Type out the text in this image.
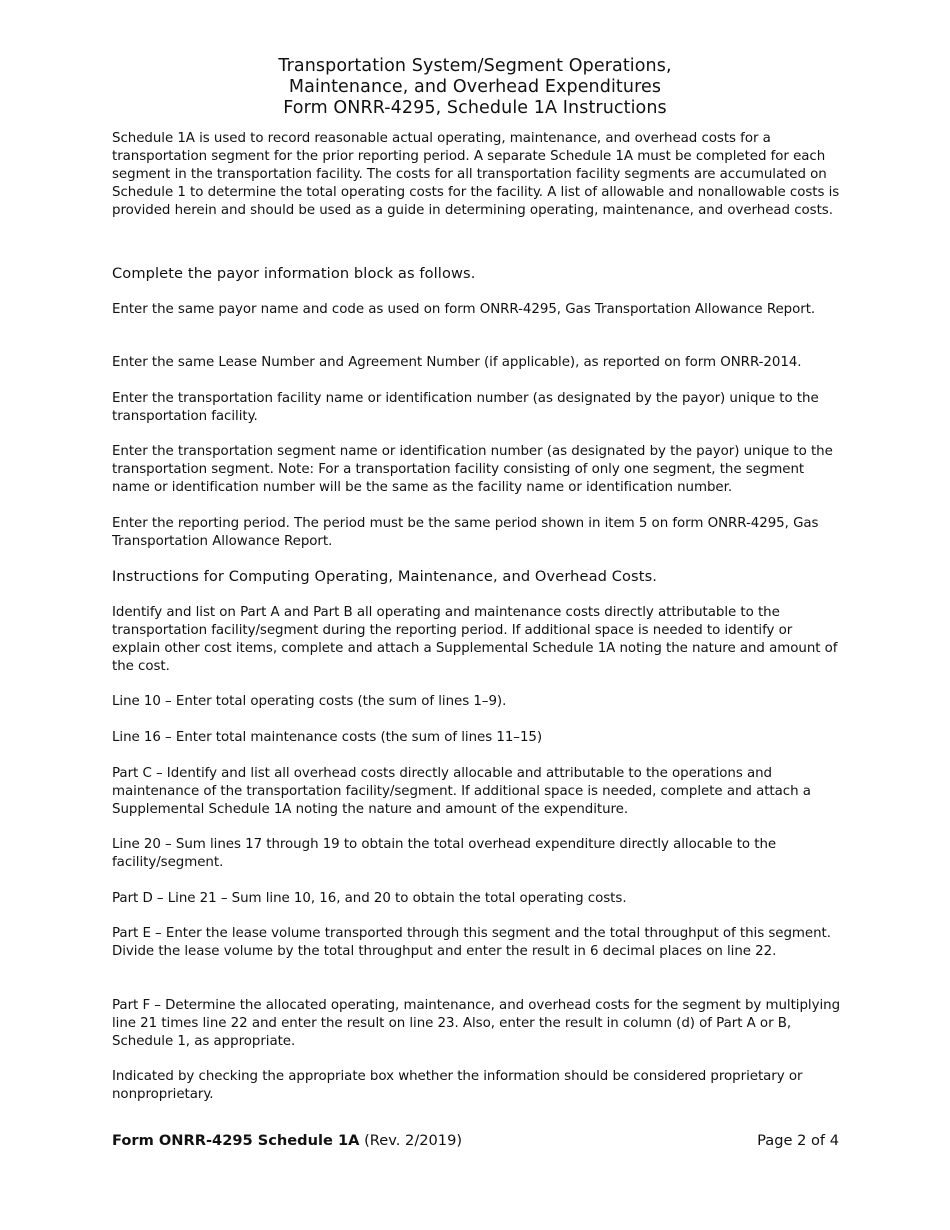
Transportation System/Segment Operations,
Maintenance, and Overhead Expenditures
Form ONRR-4295, Schedule 1A Instructions

Schedule 1A is used to record reasonable actual operating, maintenance, and overhead costs for a transportation segment for the prior reporting period. A separate Schedule 1A must be completed for each segment in the transportation facility. The costs for all transportation facility segments are accumulated on Schedule 1 to determine the total operating costs for the facility. A list of allowable and nonallowable costs is provided herein and should be used as a guide in determining operating, maintenance, and overhead costs.

Complete the payor information block as follows.

Enter the same payor name and code as used on form ONRR-4295, Gas Transportation Allowance Report.

Enter the same Lease Number and Agreement Number (if applicable), as reported on form ONRR-2014.

Enter the transportation facility name or identification number (as designated by the payor) unique to the transportation facility.

Enter the transportation segment name or identification number (as designated by the payor) unique to the transportation segment. Note: For a transportation facility consisting of only one segment, the segment name or identification number will be the same as the facility name or identification number.

Enter the reporting period. The period must be the same period shown in item 5 on form ONRR-4295, Gas Transportation Allowance Report.

Instructions for Computing Operating, Maintenance, and Overhead Costs.

Identify and list on Part A and Part B all operating and maintenance costs directly attributable to the transportation facility/segment during the reporting period. If additional space is needed to identify or explain other cost items, complete and attach a Supplemental Schedule 1A noting the nature and amount of the cost.

Line 10 – Enter total operating costs (the sum of lines 1–9).

Line 16 – Enter total maintenance costs (the sum of lines 11–15)

Part C – Identify and list all overhead costs directly allocable and attributable to the operations and maintenance of the transportation facility/segment. If additional space is needed, complete and attach a Supplemental Schedule 1A noting the nature and amount of the expenditure.

Line 20 – Sum lines 17 through 19 to obtain the total overhead expenditure directly allocable to the facility/segment.

Part D – Line 21 – Sum line 10, 16, and 20 to obtain the total operating costs.

Part E – Enter the lease volume transported through this segment and the total throughput of this segment. Divide the lease volume by the total throughput and enter the result in 6 decimal places on line 22.

Part F – Determine the allocated operating, maintenance, and overhead costs for the segment by multiplying line 21 times line 22 and enter the result on line 23. Also, enter the result in column (d) of Part A or B, Schedule 1, as appropriate.

Indicated by checking the appropriate box whether the information should be considered proprietary or nonproprietary.

Form ONRR-4295 Schedule 1A (Rev. 2/2019)	Page 2 of 4
